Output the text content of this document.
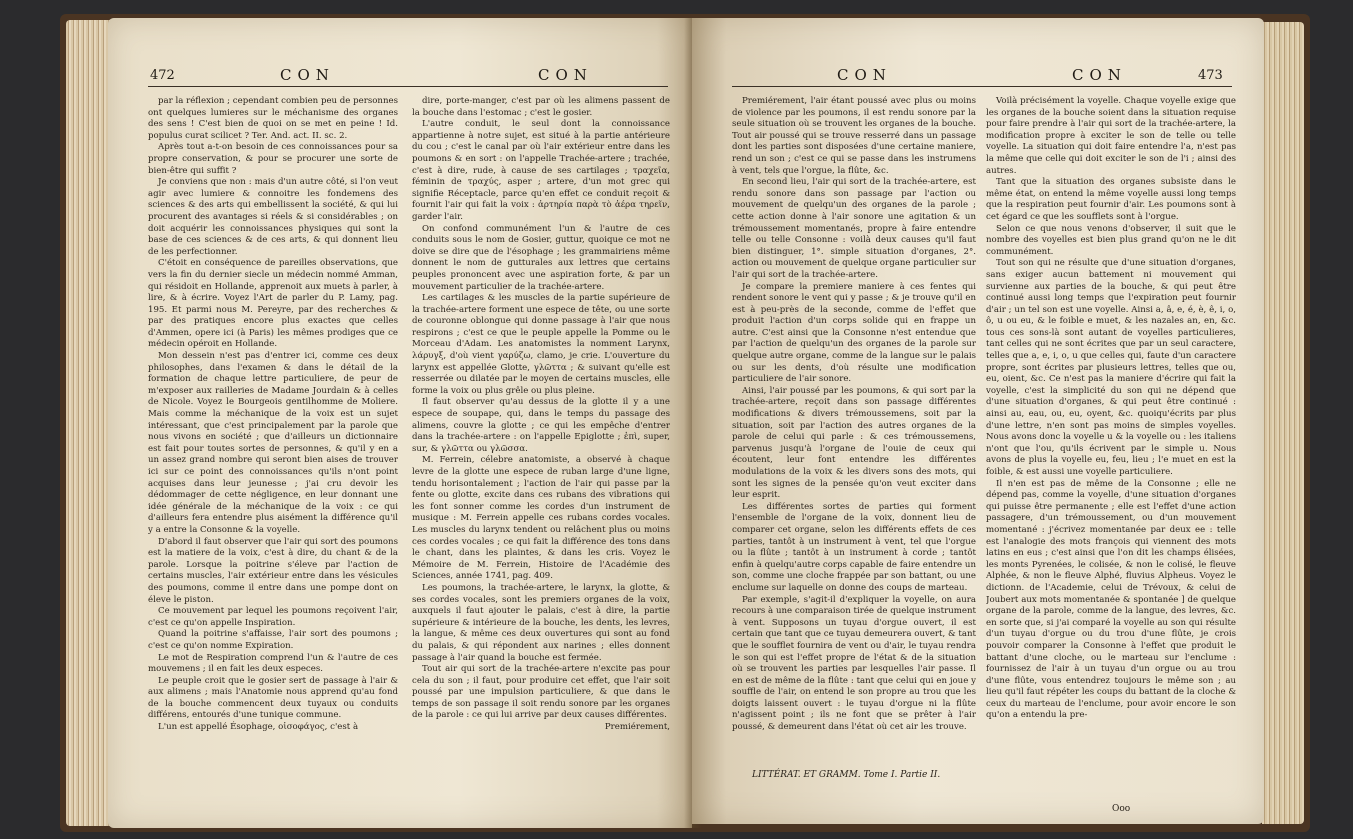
472	CON	CON

par la réflexion ; cependant combien peu de personnes ont quelques lumieres sur le méchanisme des organes des sens ! C'est bien de quoi on se met en peine ! Id. populus curat scilicet ? Ter. And. act. II. sc. 2.

Après tout a-t-on besoin de ces connoissances pour sa propre conservation, & pour se procurer une sorte de bien-être qui suffit ?

Je conviens que non : mais d'un autre côté, si l'on veut agir avec lumiere & connoitre les fondemens des sciences & des arts qui embellissent la société, & qui lui procurent des avantages si réels & si considérables ; on doit acquérir les connoissances physiques qui sont la base de ces sciences & de ces arts, & qui donnent lieu de les perfectionner.

C'étoit en conséquence de pareilles observations, que vers la fin du dernier siecle un médecin nommé Amman, qui résidoit en Hollande, apprenoit aux muets à parler, à lire, & à écrire. Voyez l'Art de parler du P. Lamy, pag. 195. Et parmi nous M. Pereyre, par des recherches & par des pratiques encore plus exactes que celles d'Ammen, opere ici (à Paris) les mêmes prodiges que ce médecin opéroit en Hollande.

Mon dessein n'est pas d'entrer ici, comme ces deux philosophes, dans l'examen & dans le détail de la formation de chaque lettre particuliere, de peur de m'exposer aux railleries de Madame Jourdain & à celles de Nicole. Voyez le Bourgeois gentilhomme de Moliere. Mais comme la méchanique de la voix est un sujet intéressant, que c'est principalement par la parole que nous vivons en société ; que d'ailleurs un dictionnaire est fait pour toutes sortes de personnes, & qu'il y en a un assez grand nombre qui seront bien aises de trouver ici sur ce point des connoissances qu'ils n'ont point acquises dans leur jeunesse ; j'ai cru devoir les dédommager de cette négligence, en leur donnant une idée générale de la méchanique de la voix : ce qui d'ailleurs fera entendre plus aisément la différence qu'il y a entre la Consonne & la voyelle.

D'abord il faut observer que l'air qui sort des poumons est la matiere de la voix, c'est à dire, du chant & de la parole. Lorsque la poitrine s'éleve par l'action de certains muscles, l'air extérieur entre dans les vésicules des poumons, comme il entre dans une pompe dont on éleve le piston.

Ce mouvement par lequel les poumons reçoivent l'air, c'est ce qu'on appelle Inspiration.

Quand la poitrine s'affaisse, l'air sort des poumons ; c'est ce qu'on nomme Expiration.

Le mot de Respiration comprend l'un & l'autre de ces mouvemens ; il en fait les deux especes.

Le peuple croit que le gosier sert de passage à l'air & aux alimens ; mais l'Anatomie nous apprend qu'au fond de la bouche commencent deux tuyaux ou conduits différens, entourés d'une tunique commune.

L'un est appellé Ésophage, οἰσοφάγος, c'est à

dire, porte-manger, c'est par où les alimens passent de la bouche dans l'estomac ; c'est le gosier.

L'autre conduit, le seul dont la connoissance appartienne à notre sujet, est situé à la partie antérieure du cou ; c'est le canal par où l'air extérieur entre dans les poumons & en sort : on l'appelle Trachée-artere ; trachée, c'est à dire, rude, à cause de ses cartilages ; τραχεῖα, féminin de τραχύς, asper ; artere, d'un mot grec qui signifie Réceptacle, parce qu'en effet ce conduit reçoit & fournit l'air qui fait la voix : ἀρτηρία παρὰ τὸ ἀέρα τηρεῖν, garder l'air.

On confond communément l'un & l'autre de ces conduits sous le nom de Gosier, guttur, quoique ce mot ne doive se dire que de l'ésophage ; les grammairiens même donnent le nom de gutturales aux lettres que certains peuples prononcent avec une aspiration forte, & par un mouvement particulier de la trachée-artere.

Les cartilages & les muscles de la partie supérieure de la trachée-artere forment une espece de tête, ou une sorte de couronne oblongue qui donne passage à l'air que nous respirons ; c'est ce que le peuple appelle la Pomme ou le Morceau d'Adam. Les anatomistes la nomment Larynx, λάρυγξ, d'où vient γαρύζω, clamo, je crie. L'ouverture du larynx est appellée Glotte, γλῶττα ; & suivant qu'elle est resserrée ou dilatée par le moyen de certains muscles, elle forme la voix ou plus grêle ou plus pleine.

Il faut observer qu'au dessus de la glotte il y a une espece de soupape, qui, dans le temps du passage des alimens, couvre la glotte ; ce qui les empêche d'entrer dans la trachée-artere : on l'appelle Epiglotte ; ἐπὶ, super, sur, & γλῶττα ou γλῶσσα.

M. Ferrein, célebre anatomiste, a observé à chaque levre de la glotte une espece de ruban large d'une ligne, tendu horisontalement ; l'action de l'air qui passe par la fente ou glotte, excite dans ces rubans des vibrations qui les font sonner comme les cordes d'un instrument de musique : M. Ferrein appelle ces rubans cordes vocales. Les muscles du larynx tendent ou relâchent plus ou moins ces cordes vocales ; ce qui fait la différence des tons dans le chant, dans les plaintes, & dans les cris. Voyez le Mémoire de M. Ferrein, Histoire de l'Académie des Sciences, année 1741, pag. 409.

Les poumons, la trachée-artere, le larynx, la glotte, & ses cordes vocales, sont les premiers organes de la voix, auxquels il faut ajouter le palais, c'est à dire, la partie supérieure & intérieure de la bouche, les dents, les levres, la langue, & même ces deux ouvertures qui sont au fond du palais, & qui répondent aux narines ; elles donnent passage à l'air quand la bouche est fermée.

Tout air qui sort de la trachée-artere n'excite pas pour cela du son ; il faut, pour produire cet effet, que l'air soit poussé par une impulsion particuliere, & que dans le temps de son passage il soit rendu sonore par les organes de la parole : ce qui lui arrive par deux causes différentes.

Premiérement,

CON	CON	473

Premiérement, l'air étant poussé avec plus ou moins de violence par les poumons, il est rendu sonore par la seule situation où se trouvent les organes de la bouche. Tout air poussé qui se trouve resserré dans un passage dont les parties sont disposées d'une certaine maniere, rend un son ; c'est ce qui se passe dans les instrumens à vent, tels que l'orgue, la flûte, &c.

En second lieu, l'air qui sort de la trachée-artere, est rendu sonore dans son passage par l'action ou mouvement de quelqu'un des organes de la parole ; cette action donne à l'air sonore une agitation & un trémoussement momentanés, propre à faire entendre telle ou telle Consonne : voilà deux causes qu'il faut bien distinguer, 1°. simple situation d'organes, 2°. action ou mouvement de quelque organe particulier sur l'air qui sort de la trachée-artere.

Je compare la premiere maniere à ces fentes qui rendent sonore le vent qui y passe ; & je trouve qu'il en est à peu-près de la seconde, comme de l'effet que produit l'action d'un corps solide qui en frappe un autre. C'est ainsi que la Consonne n'est entendue que par l'action de quelqu'un des organes de la parole sur quelque autre organe, comme de la langue sur le palais ou sur les dents, d'où résulte une modification particuliere de l'air sonore.

Ainsi, l'air poussé par les poumons, & qui sort par la trachée-artere, reçoit dans son passage différentes modifications & divers trémoussemens, soit par la situation, soit par l'action des autres organes de la parole de celui qui parle : & ces trémoussemens, parvenus jusqu'à l'organe de l'ouie de ceux qui écoutent, leur font entendre les différentes modulations de la voix & les divers sons des mots, qui sont les signes de la pensée qu'on veut exciter dans leur esprit.

Les différentes sortes de parties qui forment l'ensemble de l'organe de la voix, donnent lieu de comparer cet organe, selon les différents effets de ces parties, tantôt à un instrument à vent, tel que l'orgue ou la flûte ; tantôt à un instrument à corde ; tantôt enfin à quelqu'autre corps capable de faire entendre un son, comme une cloche frappée par son battant, ou une enclume sur laquelle on donne des coups de marteau.

Par exemple, s'agit-il d'expliquer la voyelle, on aura recours à une comparaison tirée de quelque instrument à vent. Supposons un tuyau d'orgue ouvert, il est certain que tant que ce tuyau demeurera ouvert, & tant que le soufflet fournira de vent ou d'air, le tuyau rendra le son qui est l'effet propre de l'état & de la situation où se trouvent les parties par lesquelles l'air passe. Il en est de même de la flûte : tant que celui qui en joue y souffle de l'air, on entend le son propre au trou que les doigts laissent ouvert : le tuyau d'orgue ni la flûte n'agissent point ; ils ne font que se prêter à l'air poussé, & demeurent dans l'état où cet air les trouve.

Voilà précisément la voyelle. Chaque voyelle exige que les organes de la bouche soient dans la situation requise pour faire prendre à l'air qui sort de la trachée-artere, la modification propre à exciter le son de telle ou telle voyelle. La situation qui doit faire entendre l'a, n'est pas la même que celle qui doit exciter le son de l'i ; ainsi des autres.

Tant que la situation des organes subsiste dans le même état, on entend la même voyelle aussi long temps que la respiration peut fournir d'air. Les poumons sont à cet égard ce que les soufflets sont à l'orgue.

Selon ce que nous venons d'observer, il suit que le nombre des voyelles est bien plus grand qu'on ne le dit communément.

Tout son qui ne résulte que d'une situation d'organes, sans exiger aucun battement ni mouvement qui survienne aux parties de la bouche, & qui peut être continué aussi long temps que l'expiration peut fournir d'air ; un tel son est une voyelle. Ainsi a, â, e, é, è, ê, i, o, ô, u ou eu, & le foible e muet, & les nazales an, en, &c. tous ces sons-là sont autant de voyelles particulieres, tant celles qui ne sont écrites que par un seul caractere, telles que a, e, i, o, u que celles qui, faute d'un caractere propre, sont écrites par plusieurs lettres, telles que ou, eu, oient, &c. Ce n'est pas la maniere d'écrire qui fait la voyelle, c'est la simplicité du son qui ne dépend que d'une situation d'organes, & qui peut être continué : ainsi au, eau, ou, eu, oyent, &c. quoiqu'écrits par plus d'une lettre, n'en sont pas moins de simples voyelles. Nous avons donc la voyelle u & la voyelle ou : les italiens n'ont que l'ou, qu'ils écrivent par le simple u. Nous avons de plus la voyelle eu, feu, lieu ; l'e muet en est la foible, & est aussi une voyelle particuliere.

Il n'en est pas de même de la Consonne ; elle ne dépend pas, comme la voyelle, d'une situation d'organes qui puisse être permanente ; elle est l'effet d'une action passagere, d'un trémoussement, ou d'un mouvement momentané : j'écrivez momentanée par deux ee : telle est l'analogie des mots françois qui viennent des mots latins en eus ; c'est ainsi que l'on dit les champs élisées, les monts Pyrenées, le colisée, & non le colisé, le fleuve Alphée, & non le fleuve Alphé, fluvius Alpheus. Voyez le dictionn. de l'Academie, celui de Trévoux, & celui de Joubert aux mots momentanée & spontanée ] de quelque organe de la parole, comme de la langue, des levres, &c. en sorte que, si j'ai comparé la voyelle au son qui résulte d'un tuyau d'orgue ou du trou d'une flûte, je crois pouvoir comparer la Consonne à l'effet que produit le battant d'une cloche, ou le marteau sur l'enclume : fournissez de l'air à un tuyau d'un orgue ou au trou d'une flûte, vous entendrez toujours le même son ; au lieu qu'il faut répéter les coups du battant de la cloche & ceux du marteau de l'enclume, pour avoir encore le son qu'on a entendu la pre-

LITTÉRAT. ET GRAMM. Tome I. Partie II.
Ooo
